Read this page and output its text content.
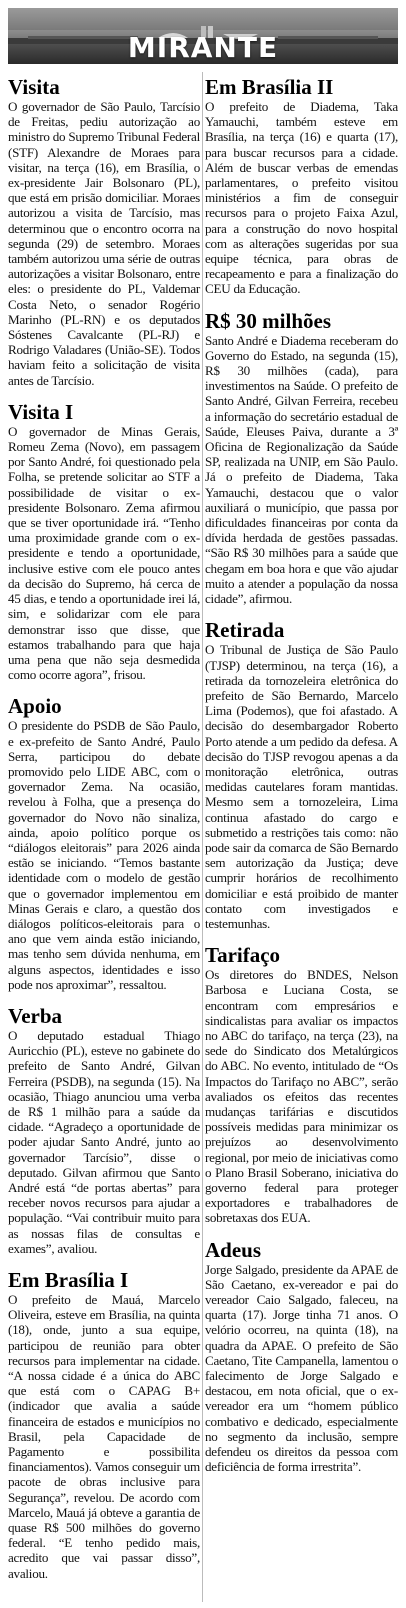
MIRANTE
Visita

O governador de São Paulo, Tarcísio de Freitas, pediu autorização ao ministro do Supremo Tribunal Federal (STF) Alexandre de Moraes para visitar, na terça (16), em Brasília, o ex-presidente Jair Bolsonaro (PL), que está em prisão domiciliar. Moraes autorizou a visita de Tarcísio, mas determinou que o encontro ocorra na segunda (29) de setembro. Moraes também autorizou uma série de outras autorizações a visitar Bolsonaro, entre eles: o presidente do PL, Valdemar Costa Neto, o senador Rogério Marinho (PL-RN) e os deputados Sóstenes Cavalcante (PL-RJ) e Rodrigo Valadares (União-SE). Todos haviam feito a solicitação de visita antes de Tarcísio.

Visita I

O governador de Minas Gerais, Romeu Zema (Novo), em passagem por Santo André, foi questionado pela Folha, se pretende solicitar ao STF a possibilidade de visitar o ex-presidente Bolsonaro. Zema afirmou que se tiver oportunidade irá. “Tenho uma proximidade grande com o ex-presidente e tendo a oportunidade, inclusive estive com ele pouco antes da decisão do Supremo, há cerca de 45 dias, e tendo a oportunidade irei lá, sim, e solidarizar com ele para demonstrar isso que disse, que estamos trabalhando para que haja uma pena que não seja desmedida como ocorre agora”, frisou.

Apoio

O presidente do PSDB de São Paulo, e ex-prefeito de Santo André, Paulo Serra, participou do debate promovido pelo LIDE ABC, com o governador Zema. Na ocasião, revelou à Folha, que a presença do governador do Novo não sinaliza, ainda, apoio político porque os “diálogos eleitorais” para 2026 ainda estão se iniciando. “Temos bastante identidade com o modelo de gestão que o governador implementou em Minas Gerais e claro, a questão dos diálogos políticos-eleitorais para o ano que vem ainda estão iniciando, mas tenho sem dúvida nenhuma, em alguns aspectos, identidades e isso pode nos aproximar”, ressaltou.

Verba

O deputado estadual Thiago Auricchio (PL), esteve no gabinete do prefeito de Santo André, Gilvan Ferreira (PSDB), na segunda (15). Na ocasião, Thiago anunciou uma verba de R$ 1 milhão para a saúde da cidade. “Agradeço a oportunidade de poder ajudar Santo André, junto ao governador Tarcísio”, disse o deputado. Gilvan afirmou que Santo André está “de portas abertas” para receber novos recursos para ajudar a população. “Vai contribuir muito para as nossas filas de consultas e exames”, avaliou.

Em Brasília I

O prefeito de Mauá, Marcelo Oliveira, esteve em Brasília, na quinta (18), onde, junto a sua equipe, participou de reunião para obter recursos para implementar na cidade. “A nossa cidade é a única do ABC que está com o CAPAG B+ (indicador que avalia a saúde financeira de estados e municípios no Brasil, pela Capacidade de Pagamento e possibilita financiamentos). Vamos conseguir um pacote de obras inclusive para Segurança”, revelou. De acordo com Marcelo, Mauá já obteve a garantia de quase R$ 500 milhões do governo federal. “E tenho pedido mais, acredito que vai passar disso”, avaliou.

Em Brasília II

O prefeito de Diadema, Taka Yamauchi, também esteve em Brasília, na terça (16) e quarta (17), para buscar recursos para a cidade. Além de buscar verbas de emendas parlamentares, o prefeito visitou ministérios a fim de conseguir recursos para o projeto Faixa Azul, para a construção do novo hospital com as alterações sugeridas por sua equipe técnica, para obras de recapeamento e para a finalização do CEU da Educação.

R$ 30 milhões

Santo André e Diadema receberam do Governo do Estado, na segunda (15), R$ 30 milhões (cada), para investimentos na Saúde. O prefeito de Santo André, Gilvan Ferreira, recebeu a informação do secretário estadual de Saúde, Eleuses Paiva, durante a 3ª Oficina de Regionalização da Saúde SP, realizada na UNIP, em São Paulo. Já o prefeito de Diadema, Taka Yamauchi, destacou que o valor auxiliará o município, que passa por dificuldades financeiras por conta da dívida herdada de gestões passadas. “São R$ 30 milhões para a saúde que chegam em boa hora e que vão ajudar muito a atender a população da nossa cidade”, afirmou.

Retirada

O Tribunal de Justiça de São Paulo (TJSP) determinou, na terça (16), a retirada da tornozeleira eletrônica do prefeito de São Bernardo, Marcelo Lima (Podemos), que foi afastado. A decisão do desembargador Roberto Porto atende a um pedido da defesa. A decisão do TJSP revogou apenas a da monitoração eletrônica, outras medidas cautelares foram mantidas. Mesmo sem a tornozeleira, Lima continua afastado do cargo e submetido a restrições tais como: não pode sair da comarca de São Bernardo sem autorização da Justiça; deve cumprir horários de recolhimento domiciliar e está proibido de manter contato com investigados e testemunhas.

Tarifaço

Os diretores do BNDES, Nelson Barbosa e Luciana Costa, se encontram com empresários e sindicalistas para avaliar os impactos no ABC do tarifaço, na terça (23), na sede do Sindicato dos Metalúrgicos do ABC. No evento, intitulado de “Os Impactos do Tarifaço no ABC”, serão avaliados os efeitos das recentes mudanças tarifárias e discutidos possíveis medidas para minimizar os prejuízos ao desenvolvimento regional, por meio de iniciativas como o Plano Brasil Soberano, iniciativa do governo federal para proteger exportadores e trabalhadores de sobretaxas dos EUA.

Adeus

Jorge Salgado, presidente da APAE de São Caetano, ex-vereador e pai do vereador Caio Salgado, faleceu, na quarta (17). Jorge tinha 71 anos. O velório ocorreu, na quinta (18), na quadra da APAE. O prefeito de São Caetano, Tite Campanella, lamentou o falecimento de Jorge Salgado e destacou, em nota oficial, que o ex-vereador era um “homem público combativo e dedicado, especialmente no segmento da inclusão, sempre defendeu os direitos da pessoa com deficiência de forma irrestrita”.
